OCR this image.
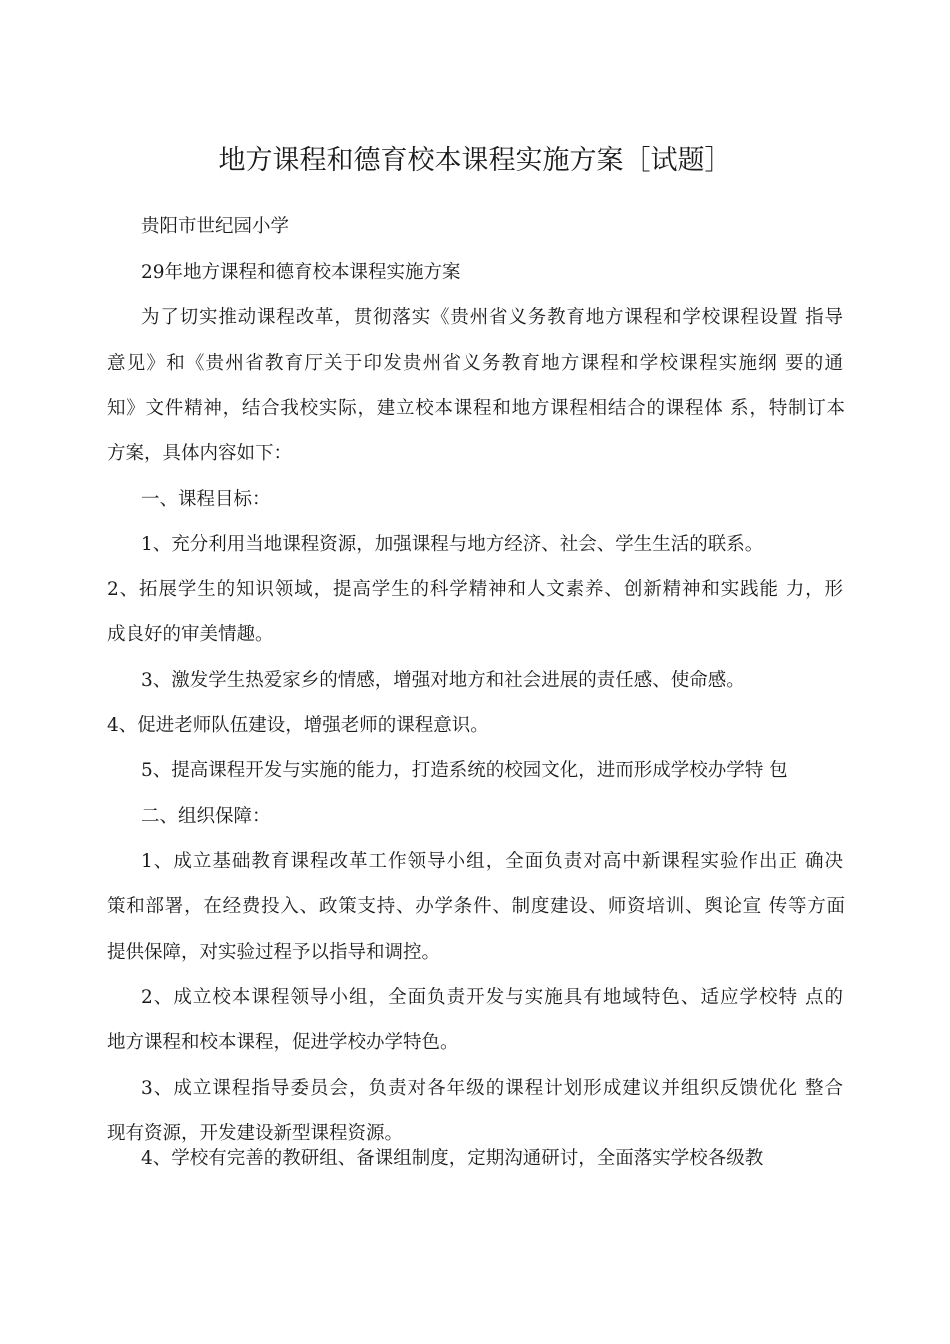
地方课程和德育校本课程实施方案［试题］
贵阳市世纪园小学
29年地方课程和德育校本课程实施方案
为了切实推动课程改革，贯彻落实《贵州省义务教育地方课程和学校课程设置 指导
意见》和《贵州省教育厅关于印发贵州省义务教育地方课程和学校课程实施纲 要的通
知》文件精神，结合我校实际，建立校本课程和地方课程相结合的课程体 系，特制订本
方案，具体内容如下：
一、课程目标：
1、充分利用当地课程资源，加强课程与地方经济、社会、学生生活的联系。
2、拓展学生的知识领域，提高学生的科学精神和人文素养、创新精神和实践能 力，形
成良好的审美情趣。
3、激发学生热爱家乡的情感，增强对地方和社会进展的责任感、使命感。
4、促进老师队伍建设，增强老师的课程意识。
5、提高课程开发与实施的能力，打造系统的校园文化，进而形成学校办学特 包
二、组织保障：
1、成立基础教育课程改革工作领导小组，全面负责对高中新课程实验作出正 确决
策和部署，在经费投入、政策支持、办学条件、制度建设、师资培训、舆论宣 传等方面
提供保障，对实验过程予以指导和调控。
2、成立校本课程领导小组，全面负责开发与实施具有地域特色、适应学校特 点的
地方课程和校本课程，促进学校办学特色。
3、成立课程指导委员会，负责对各年级的课程计划形成建议并组织反馈优化 整合
现有资源，开发建设新型课程资源。
4、学校有完善的教研组、备课组制度，定期沟通研讨，全面落实学校各级教
